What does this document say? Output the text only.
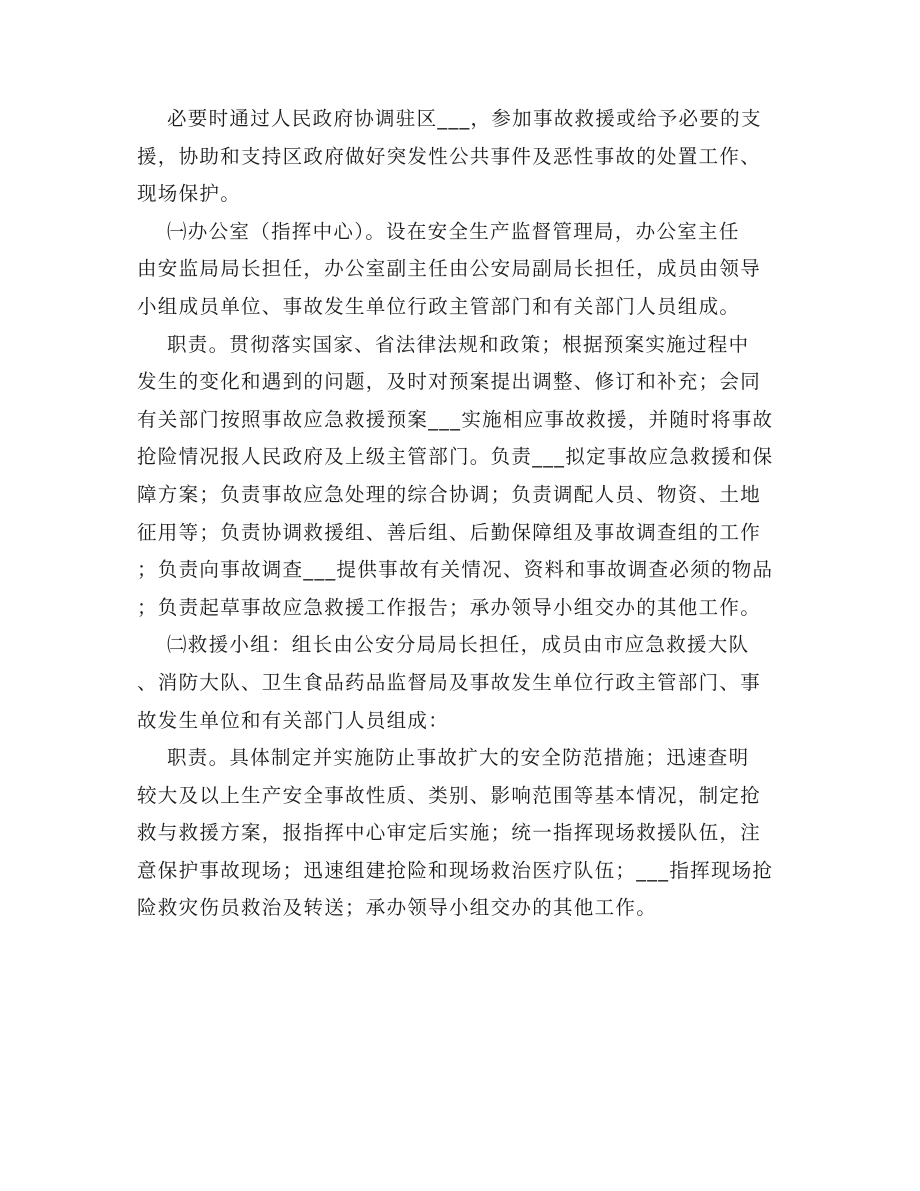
必要时通过人民政府协调驻区___，参加事故救援或给予必要的支
援，协助和支持区政府做好突发性公共事件及恶性事故的处置工作、
现场保护。
㈠办公室（指挥中心）。设在安全生产监督管理局，办公室主任
由安监局局长担任，办公室副主任由公安局副局长担任，成员由领导
小组成员单位、事故发生单位行政主管部门和有关部门人员组成。
职责。贯彻落实国家、省法律法规和政策；根据预案实施过程中
发生的变化和遇到的问题，及时对预案提出调整、修订和补充；会同
有关部门按照事故应急救援预案___实施相应事故救援，并随时将事故
抢险情况报人民政府及上级主管部门。负责___拟定事故应急救援和保
障方案；负责事故应急处理的综合协调；负责调配人员、物资、土地
征用等；负责协调救援组、善后组、后勤保障组及事故调查组的工作
；负责向事故调查___提供事故有关情况、资料和事故调查必须的物品
；负责起草事故应急救援工作报告；承办领导小组交办的其他工作。
㈡救援小组：组长由公安分局局长担任，成员由市应急救援大队
、消防大队、卫生食品药品监督局及事故发生单位行政主管部门、事
故发生单位和有关部门人员组成：
职责。具体制定并实施防止事故扩大的安全防范措施；迅速查明
较大及以上生产安全事故性质、类别、影响范围等基本情况，制定抢
救与救援方案，报指挥中心审定后实施；统一指挥现场救援队伍，注
意保护事故现场；迅速组建抢险和现场救治医疗队伍；___指挥现场抢
险救灾伤员救治及转送；承办领导小组交办的其他工作。
